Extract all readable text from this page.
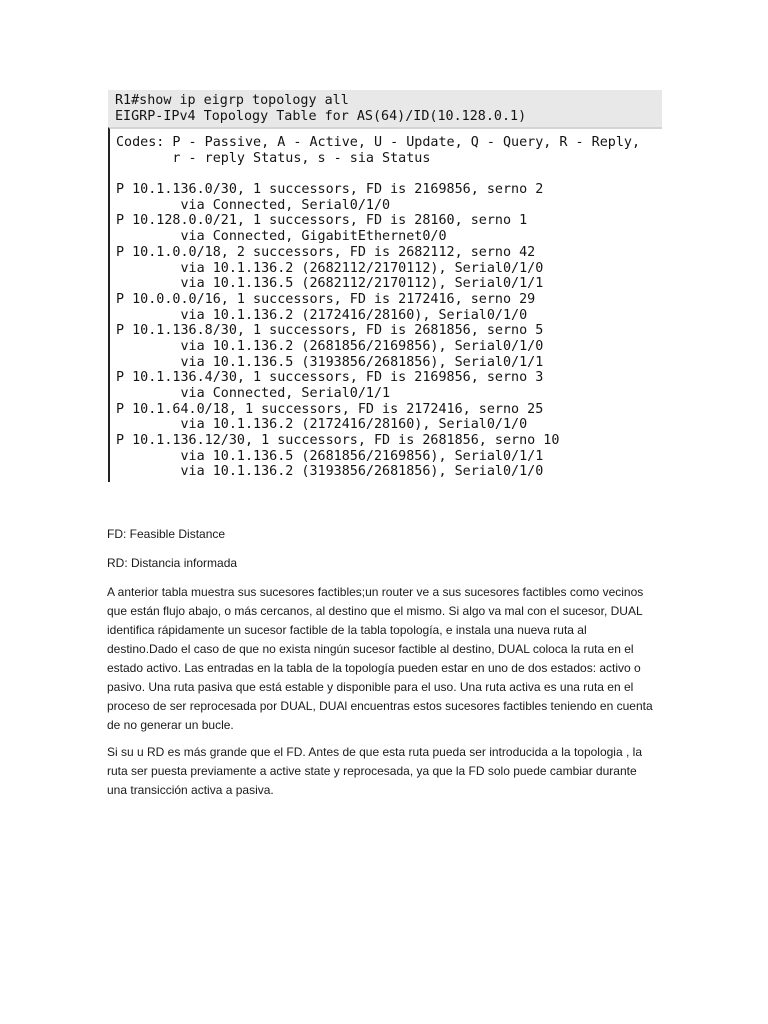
R1#show ip eigrp topology all
EIGRP-IPv4 Topology Table for AS(64)/ID(10.128.0.1)
Codes: P - Passive, A - Active, U - Update, Q - Query, R - Reply,
r - reply Status, s - sia Status
P 10.1.136.0/30, 1 successors, FD is 2169856, serno 2
via Connected, Serial0/1/0
P 10.128.0.0/21, 1 successors, FD is 28160, serno 1
via Connected, GigabitEthernet0/0
P 10.1.0.0/18, 2 successors, FD is 2682112, serno 42
via 10.1.136.2 (2682112/2170112), Serial0/1/0
via 10.1.136.5 (2682112/2170112), Serial0/1/1
P 10.0.0.0/16, 1 successors, FD is 2172416, serno 29
via 10.1.136.2 (2172416/28160), Serial0/1/0
P 10.1.136.8/30, 1 successors, FD is 2681856, serno 5
via 10.1.136.2 (2681856/2169856), Serial0/1/0
via 10.1.136.5 (3193856/2681856), Serial0/1/1
P 10.1.136.4/30, 1 successors, FD is 2169856, serno 3
via Connected, Serial0/1/1
P 10.1.64.0/18, 1 successors, FD is 2172416, serno 25
via 10.1.136.2 (2172416/28160), Serial0/1/0
P 10.1.136.12/30, 1 successors, FD is 2681856, serno 10
via 10.1.136.5 (2681856/2169856), Serial0/1/1
via 10.1.136.2 (3193856/2681856), Serial0/1/0
FD: Feasible Distance
RD: Distancia informada
A anterior tabla muestra sus sucesores factibles;un router ve a sus sucesores factibles como vecinos que están flujo abajo, o más cercanos, al destino que el mismo. Si algo va mal con el sucesor, DUAL identifica rápidamente un sucesor factible de la tabla topología, e instala una nueva ruta al destino.Dado el caso de que no exista ningún sucesor factible al destino, DUAL coloca la ruta en el estado activo. Las entradas en la tabla de la topología pueden estar en uno de dos estados: activo o pasivo. Una ruta pasiva que está estable y disponible para el uso. Una ruta activa es una ruta en el proceso de ser reprocesada por DUAL, DUAl encuentras estos sucesores factibles teniendo en cuenta de no generar un bucle.
Si su u RD es más grande que el FD. Antes de que esta ruta pueda ser introducida a la topologia , la ruta ser puesta previamente a active state y reprocesada, ya que la FD solo puede cambiar durante una transicción activa a pasiva.
